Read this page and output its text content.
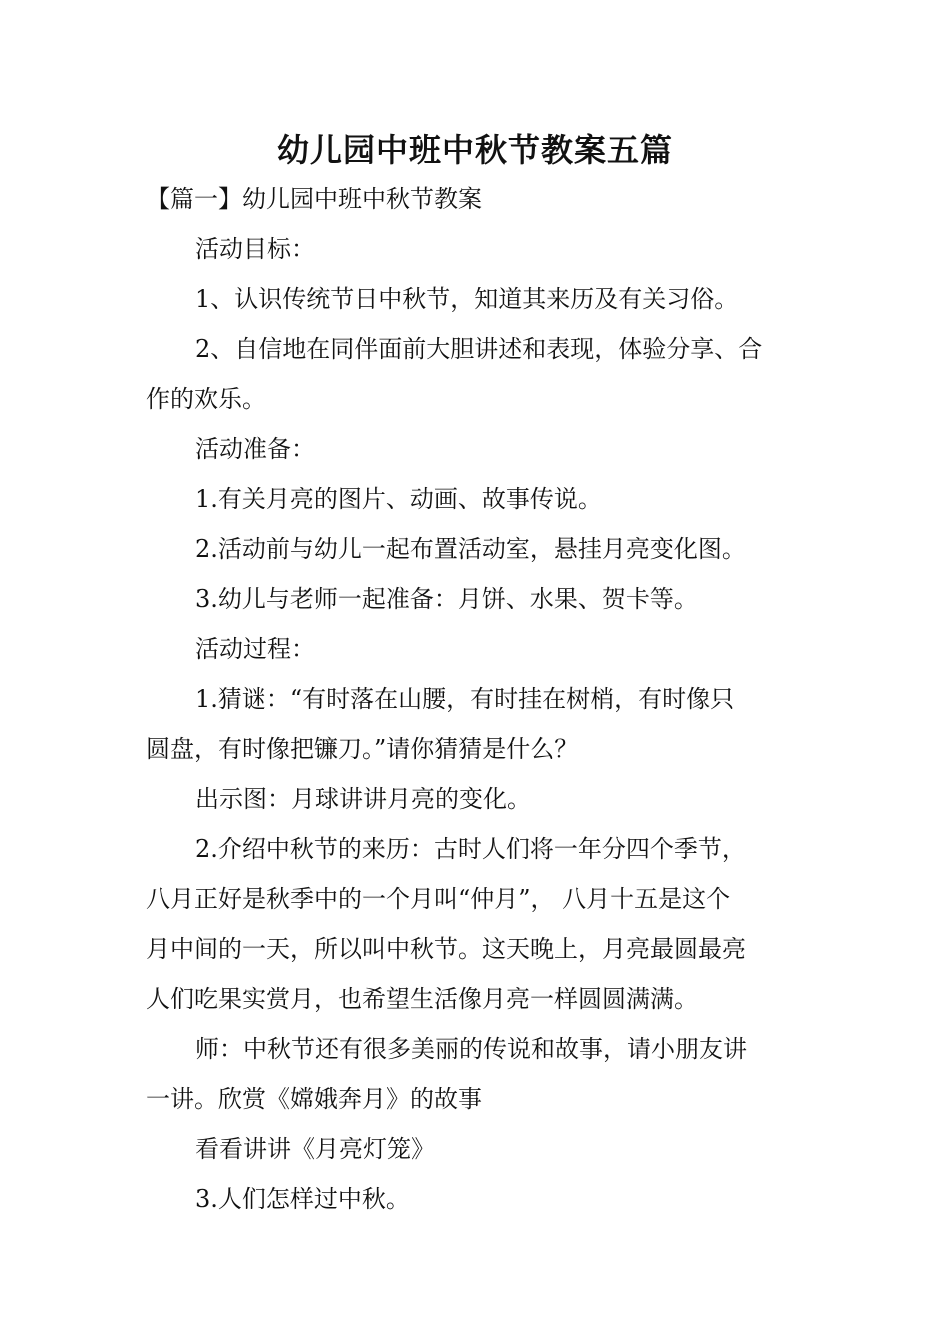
幼儿园中班中秋节教案五篇
【篇一】幼儿园中班中秋节教案
活动目标：
1、认识传统节日中秋节，知道其来历及有关习俗。
2、自信地在同伴面前大胆讲述和表现，体验分享、合
作的欢乐。
活动准备：
1.有关月亮的图片、动画、故事传说。
2.活动前与幼儿一起布置活动室，悬挂月亮变化图。
3.幼儿与老师一起准备：月饼、水果、贺卡等。
活动过程：
1.猜谜：“有时落在山腰，有时挂在树梢，有时像只
圆盘，有时像把镰刀。”请你猜猜是什么？
出示图：月球讲讲月亮的变化。
2.介绍中秋节的来历：古时人们将一年分四个季节，
八月正好是秋季中的一个月叫“仲月”， 八月十五是这个
月中间的一天，所以叫中秋节。这天晚上，月亮最圆最亮
人们吃果实赏月，也希望生活像月亮一样圆圆满满。
师：中秋节还有很多美丽的传说和故事，请小朋友讲
一讲。欣赏《嫦娥奔月》的故事
看看讲讲《月亮灯笼》
3.人们怎样过中秋。
